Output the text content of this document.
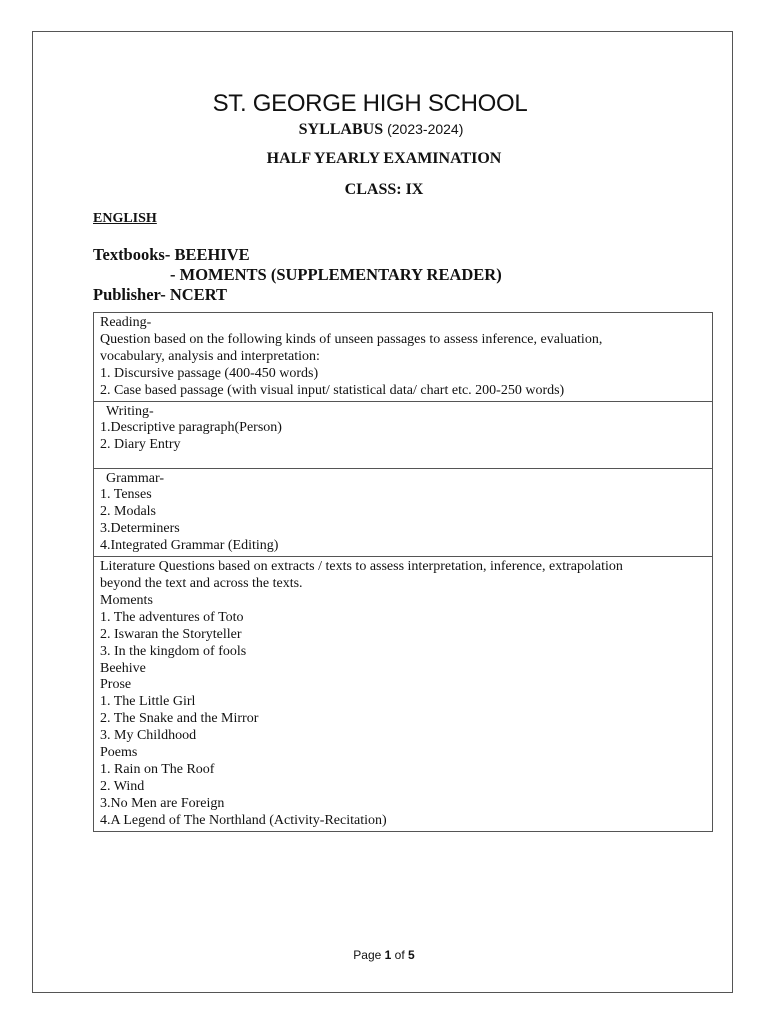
ST. GEORGE HIGH SCHOOL
SYLLABUS (2023-2024)
HALF YEARLY EXAMINATION
CLASS: IX
ENGLISH
Textbooks- BEEHIVE
- MOMENTS (SUPPLEMENTARY READER)
Publisher- NCERT
Reading-
Question based on the following kinds of unseen passages to assess inference, evaluation,
vocabulary, analysis and interpretation:
1. Discursive passage (400-450 words)
2. Case based passage (with visual input/ statistical data/ chart etc. 200-250 words)

Writing-
1.Descriptive paragraph(Person)
2. Diary Entry

Grammar-
1. Tenses
2. Modals
3.Determiners
4.Integrated Grammar (Editing)

Literature Questions based on extracts / texts to assess interpretation, inference, extrapolation
beyond the text and across the texts.
Moments
1. The adventures of Toto
2. Iswaran the Storyteller
3. In the kingdom of fools
Beehive
Prose
1. The Little Girl
2. The Snake and the Mirror
3. My Childhood
Poems
1. Rain on The Roof
2. Wind
3.No Men are Foreign
4.A Legend of The Northland (Activity-Recitation)
Page 1 of 5
